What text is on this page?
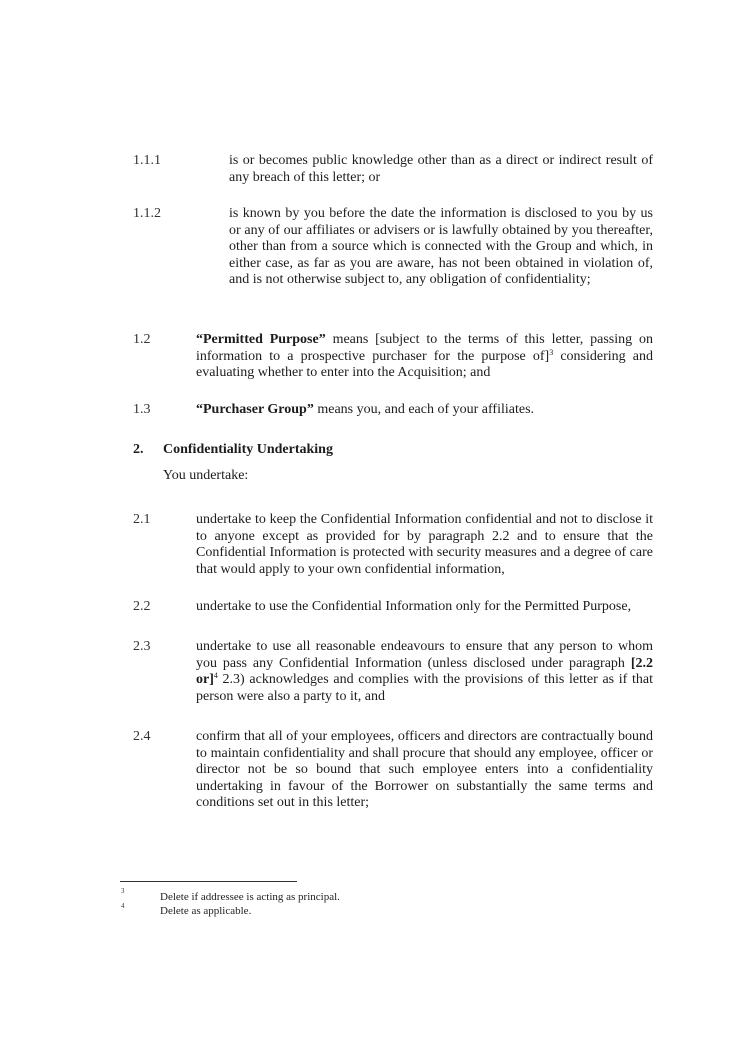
1.1.1	is or becomes public knowledge other than as a direct or indirect result of any breach of this letter; or
1.1.2	is known by you before the date the information is disclosed to you by us or any of our affiliates or advisers or is lawfully obtained by you thereafter, other than from a source which is connected with the Group and which, in either case, as far as you are aware, has not been obtained in violation of, and is not otherwise subject to, any obligation of confidentiality;
1.2	“Permitted Purpose” means [subject to the terms of this letter, passing on information to a prospective purchaser for the purpose of]$^3$ considering and evaluating whether to enter into the Acquisition; and
1.3	“Purchaser Group” means you, and each of your affiliates.
2. Confidentiality Undertaking
You undertake:
2.1	undertake to keep the Confidential Information confidential and not to disclose it to anyone except as provided for by paragraph 2.2 and to ensure that the Confidential Information is protected with security measures and a degree of care that would apply to your own confidential information,
2.2	undertake to use the Confidential Information only for the Permitted Purpose,
2.3	undertake to use all reasonable endeavours to ensure that any person to whom you pass any Confidential Information (unless disclosed under paragraph [2.2 or]$^4$ 2.3) acknowledges and complies with the provisions of this letter as if that person were also a party to it, and
2.4	confirm that all of your employees, officers and directors are contractually bound to maintain confidentiality and shall procure that should any employee, officer or director not be so bound that such employee enters into a confidentiality undertaking in favour of the Borrower on substantially the same terms and conditions set out in this letter;
3	Delete if addressee is acting as principal.
4	Delete as applicable.
